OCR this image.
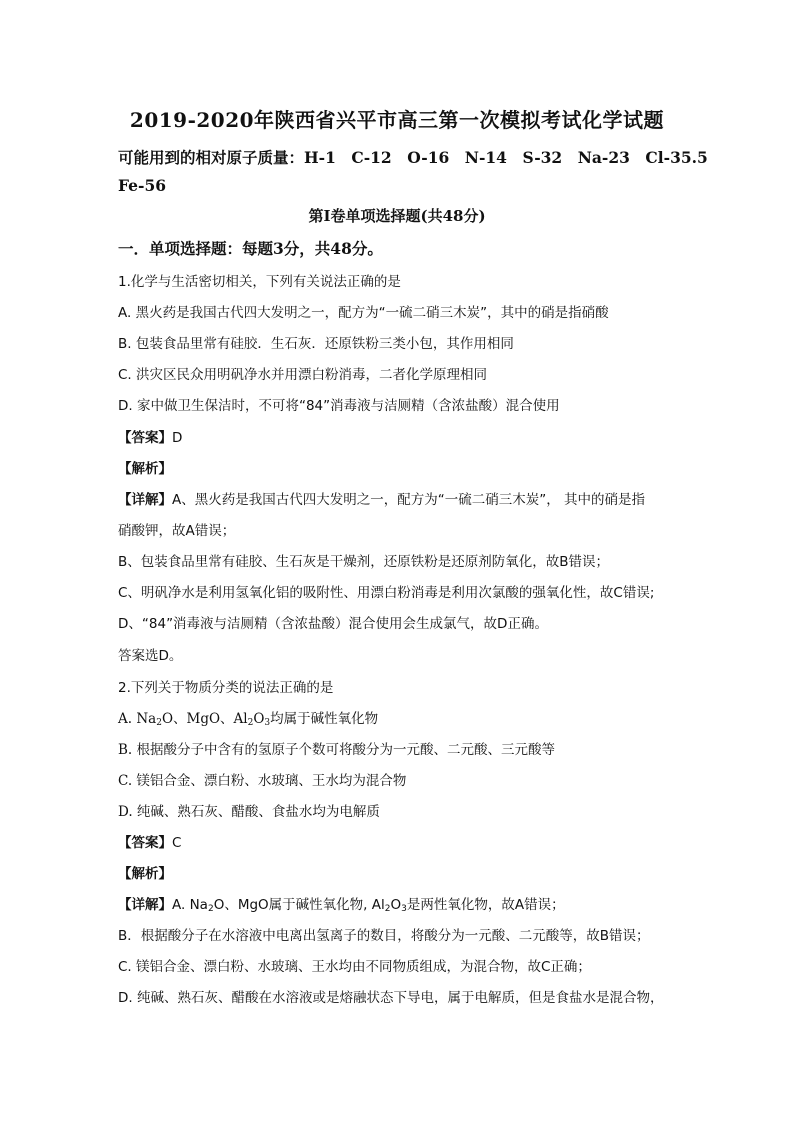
2019-2020年陕西省兴平市高三第一次模拟考试化学试题
可能用到的相对原子质量：H-1　C-12　O-16　N-14　S-32　Na-23　Cl-35.5
Fe-56
第Ⅰ卷单项选择题(共48分)
一．单项选择题：每题3分，共48分。
1.化学与生活密切相关，下列有关说法正确的是
A. 黑火药是我国古代四大发明之一，配方为“一硫二硝三木炭”，其中的硝是指硝酸
B. 包装食品里常有硅胶．生石灰．还原铁粉三类小包，其作用相同
C. 洪灾区民众用明矾净水并用漂白粉消毒，二者化学原理相同
D. 家中做卫生保洁时，不可将“84”消毒液与洁厕精（含浓盐酸）混合使用
【答案】D
【解析】
【详解】A、黑火药是我国古代四大发明之一，配方为“一硫二硝三木炭”， 其中的硝是指
硝酸钾，故A错误；
B、包装食品里常有硅胶、生石灰是干燥剂，还原铁粉是还原剂防氧化，故B错误；
C、明矾净水是利用氢氧化铝的吸附性、用漂白粉消毒是利用次氯酸的强氧化性，故C错误;
D、“84”消毒液与洁厕精（含浓盐酸）混合使用会生成氯气，故D正确。
答案选D。
2.下列关于物质分类的说法正确的是
A. $Na_2O$、MgO、$Al_2O_3$均属于碱性氧化物
B. 根据酸分子中含有的氢原子个数可将酸分为一元酸、二元酸、三元酸等
C. 镁铝合金、漂白粉、水玻璃、王水均为混合物
D. 纯碱、熟石灰、醋酸、食盐水均为电解质
【答案】C
【解析】
【详解】A. $Na_2O$、MgO属于碱性氧化物, $Al_2O_3$是两性氧化物，故A错误；
B．根据酸分子在水溶液中电离出氢离子的数目，将酸分为一元酸、二元酸等，故B错误；
C. 镁铝合金、漂白粉、水玻璃、王水均由不同物质组成，为混合物，故C正确；
D. 纯碱、熟石灰、醋酸在水溶液或是熔融状态下导电，属于电解质，但是食盐水是混合物，
